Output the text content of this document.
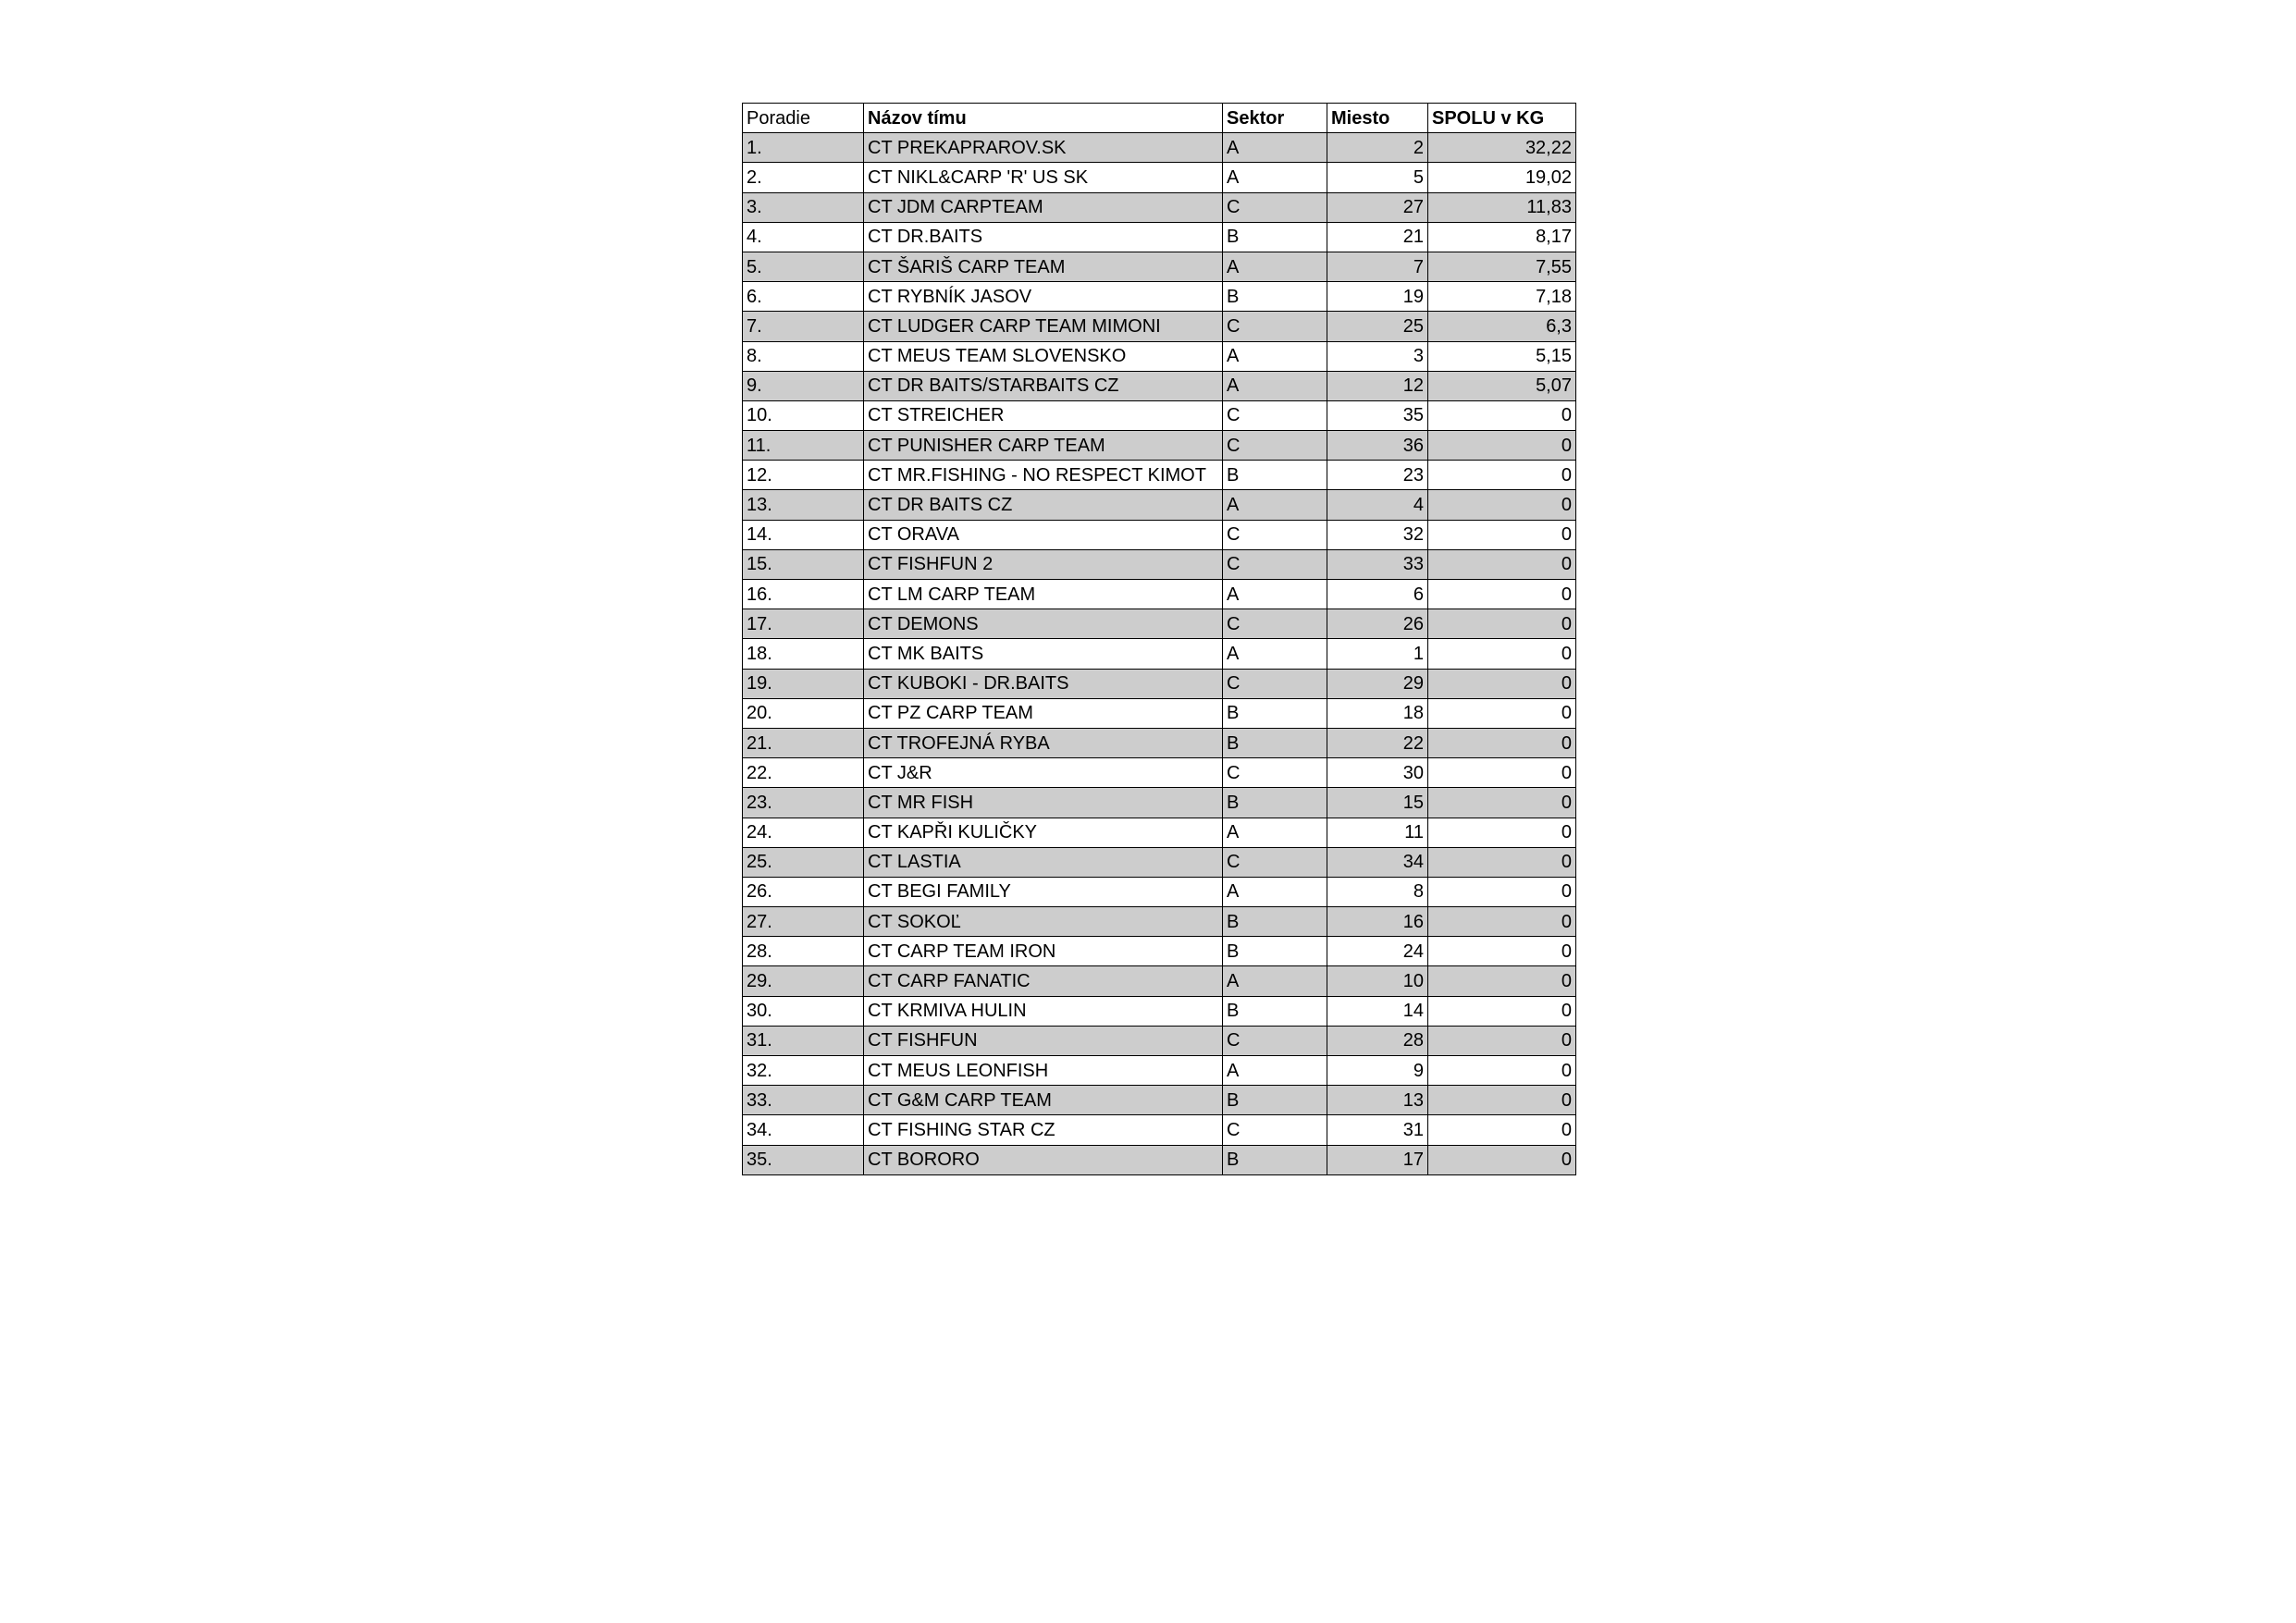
Poradie	Názov tímu	Sektor	Miesto	SPOLU v KG
1.	CT PREKAPRAROV.SK	A	2	32,22
2.	CT NIKL&CARP 'R' US SK	A	5	19,02
3.	CT JDM CARPTEAM	C	27	11,83
4.	CT DR.BAITS	B	21	8,17
5.	CT ŠARIŠ CARP TEAM	A	7	7,55
6.	CT RYBNÍK JASOV	B	19	7,18
7.	CT LUDGER CARP TEAM MIMONI	C	25	6,3
8.	CT MEUS TEAM SLOVENSKO	A	3	5,15
9.	CT DR BAITS/STARBAITS CZ	A	12	5,07
10.	CT STREICHER	C	35	0
11.	CT PUNISHER CARP TEAM	C	36	0
12.	CT MR.FISHING - NO RESPECT KIMOT	B	23	0
13.	CT DR BAITS CZ	A	4	0
14.	CT ORAVA	C	32	0
15.	CT FISHFUN 2	C	33	0
16.	CT LM CARP TEAM	A	6	0
17.	CT DEMONS	C	26	0
18.	CT MK BAITS	A	1	0
19.	CT KUBOKI - DR.BAITS	C	29	0
20.	CT PZ CARP TEAM	B	18	0
21.	CT TROFEJNÁ RYBA	B	22	0
22.	CT J&R	C	30	0
23.	CT MR FISH	B	15	0
24.	CT KAPŘI KULIČKY	A	11	0
25.	CT LASTIA	C	34	0
26.	CT BEGI FAMILY	A	8	0
27.	CT SOKOĽ	B	16	0
28.	CT CARP TEAM IRON	B	24	0
29.	CT CARP FANATIC	A	10	0
30.	CT KRMIVA HULIN	B	14	0
31.	CT FISHFUN	C	28	0
32.	CT MEUS LEONFISH	A	9	0
33.	CT G&M CARP TEAM	B	13	0
34.	CT FISHING STAR CZ	C	31	0
35.	CT BORORO	B	17	0
